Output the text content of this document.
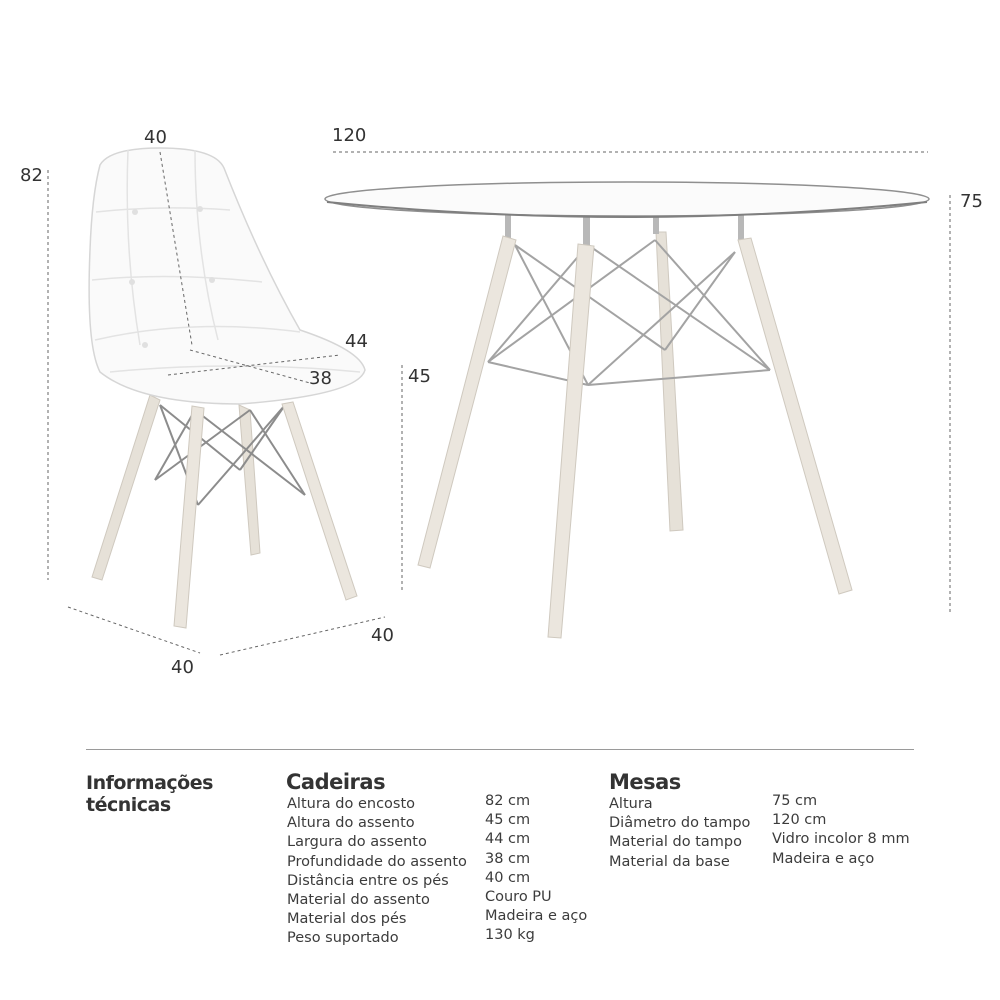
82
40
44
38	45
40
40
120
75
Informações técnicas
Cadeiras	Mesas
Altura do encosto
Altura do assento
Largura do assento
Profundidade do assento
Distância entre os pés
Material do assento
Material dos pés
Peso suportado
82 cm
45 cm
44 cm
38 cm
40 cm
Couro PU
Madeira e aço
130 kg
Altura
Diâmetro do tampo
Material do tampo
Material da base
75 cm
120 cm
Vidro incolor 8 mm
Madeira e aço
